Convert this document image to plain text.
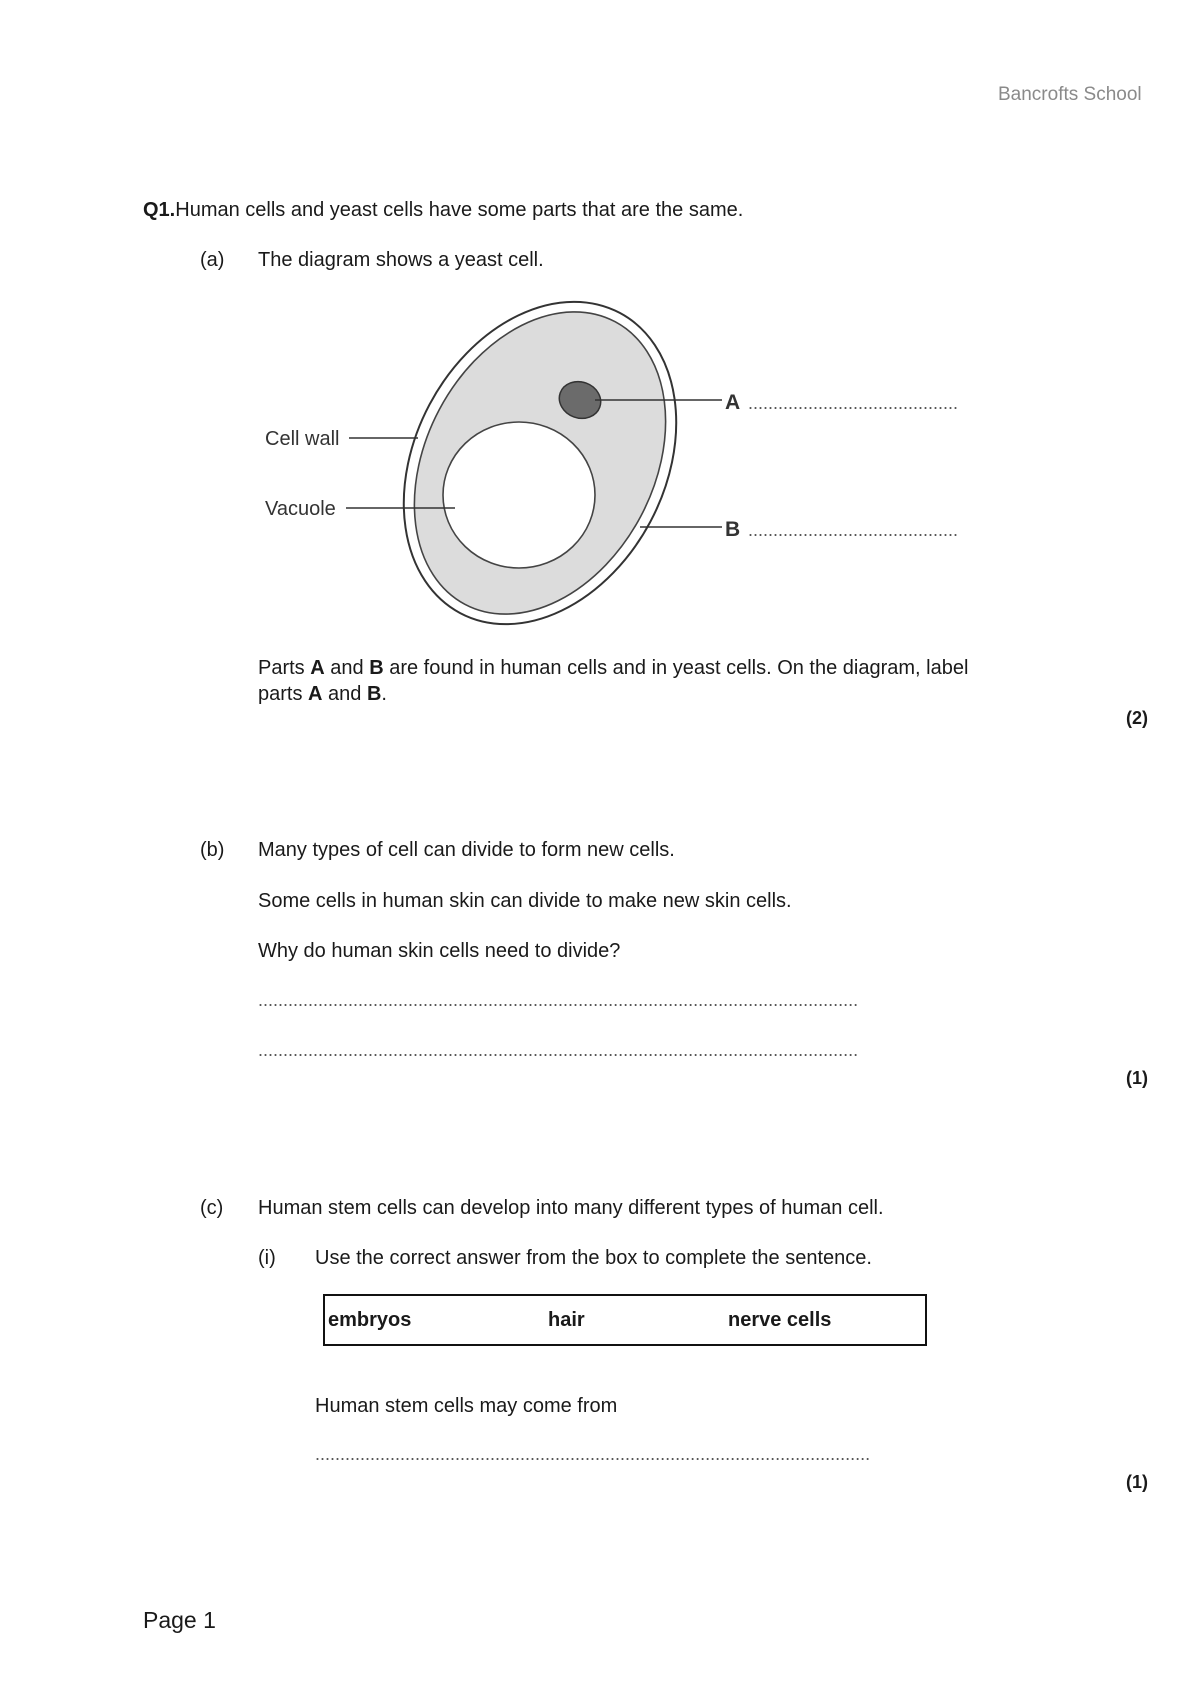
Bancrofts School
Q1.Human cells and yeast cells have some parts that are the same.
(a) The diagram shows a yeast cell.
Cell wall
Vacuole
A
B
..........................................
..........................................
Parts A and B are found in human cells and in yeast cells. On the diagram, label
parts A and B.
(2)
(b) Many types of cell can divide to form new cells.
Some cells in human skin can divide to make new skin cells.
Why do human skin cells need to divide?
........................................................................................................................
........................................................................................................................
(1)
(c) Human stem cells can develop into many different types of human cell.
(i) Use the correct answer from the box to complete the sentence.
embryos	hair	nerve cells
Human stem cells may come from
...............................................................................................................
(1)
Page 1
